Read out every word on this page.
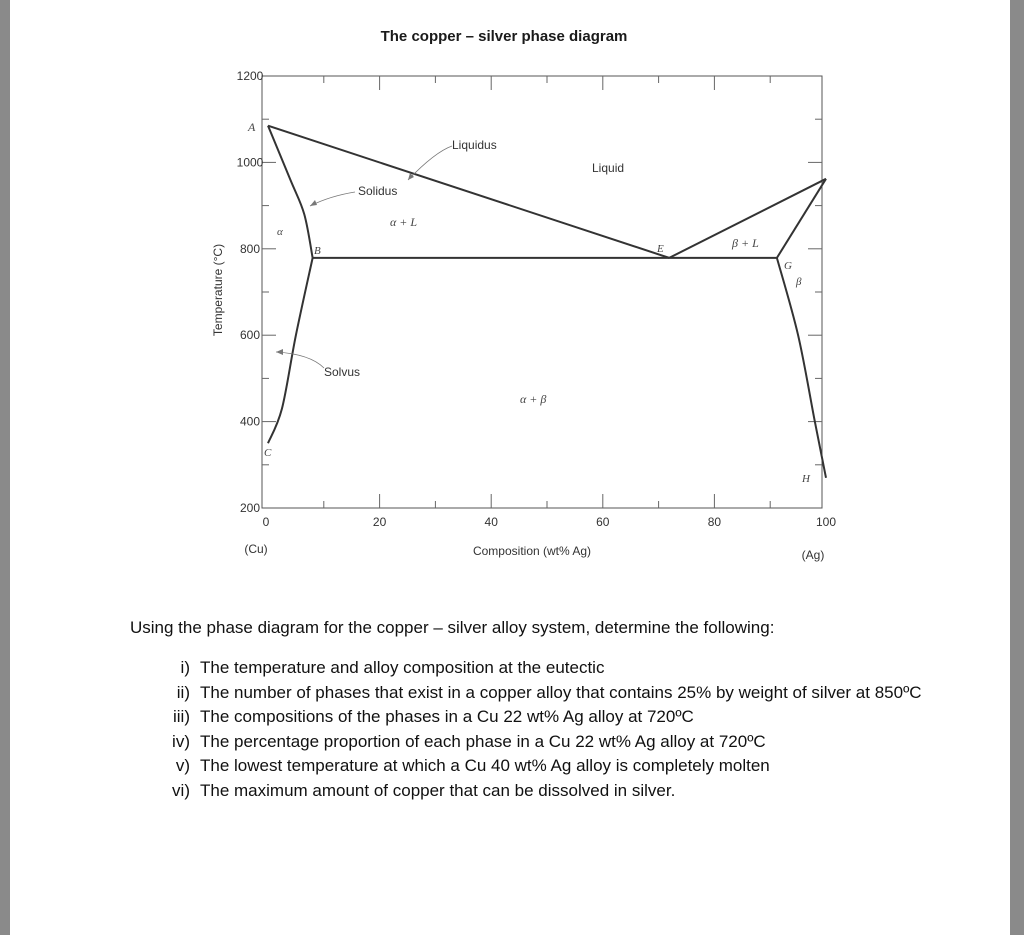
The copper – silver phase diagram
200
400
600
800
1000
1200
0	20	40	60	80	100
Temperature (°C)
Composition (wt% Ag)
(Cu)	(Ag)
Liquidus
Solidus
Solvus
Liquid
α + L
β + L
α + β
α
β
A
B
C
E
G
H
Using the phase diagram for the copper – silver alloy system, determine the following:
i) The temperature and alloy composition at the eutectic
ii) The number of phases that exist in a copper alloy that contains 25% by weight of silver at 850ºC
iii) The compositions of the phases in a Cu 22 wt% Ag alloy at 720ºC
iv) The percentage proportion of each phase in a Cu 22 wt% Ag alloy at 720ºC
v) The lowest temperature at which a Cu 40 wt% Ag alloy is completely molten
vi) The maximum amount of copper that can be dissolved in silver.
